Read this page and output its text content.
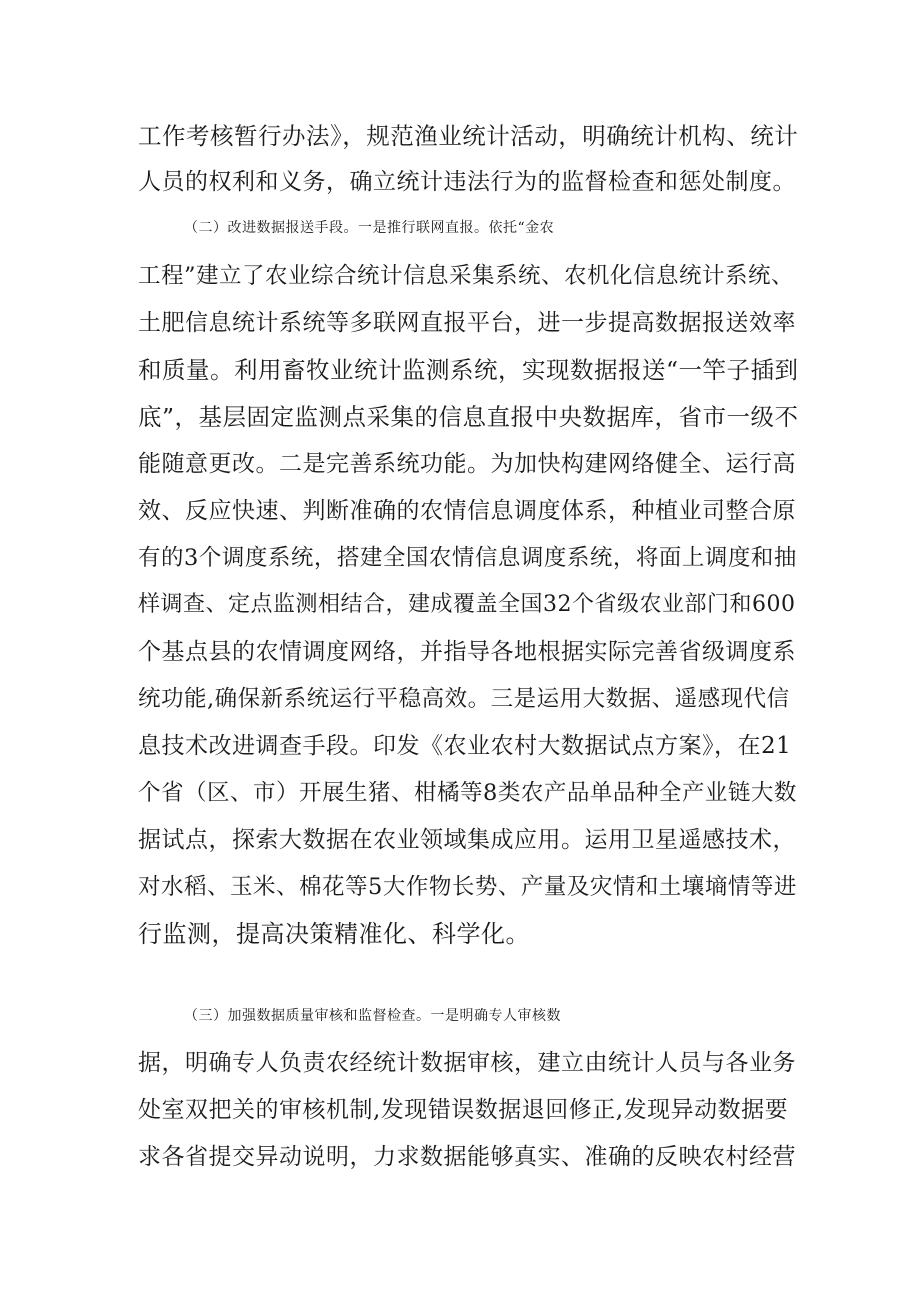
工作考核暂行办法》，规范渔业统计活动，明确统计机构、统计
人员的权利和义务，确立统计违法行为的监督检查和惩处制度。
（二）改进数据报送手段。一是推行联网直报。依托“金农
工程”建立了农业综合统计信息采集系统、农机化信息统计系统、
土肥信息统计系统等多联网直报平台，进一步提高数据报送效率
和质量。利用畜牧业统计监测系统，实现数据报送“一竿子插到
底”，基层固定监测点采集的信息直报中央数据库，省市一级不
能随意更改。二是完善系统功能。为加快构建网络健全、运行高
效、反应快速、判断准确的农情信息调度体系，种植业司整合原
有的3个调度系统，搭建全国农情信息调度系统，将面上调度和抽
样调查、定点监测相结合，建成覆盖全国32个省级农业部门和600
个基点县的农情调度网络，并指导各地根据实际完善省级调度系
统功能,确保新系统运行平稳高效。三是运用大数据、遥感现代信
息技术改进调查手段。印发《农业农村大数据试点方案》，在21
个省（区、市）开展生猪、柑橘等8类农产品单品种全产业链大数
据试点，探索大数据在农业领域集成应用。运用卫星遥感技术，
对水稻、玉米、棉花等5大作物长势、产量及灾情和土壤墒情等进
行监测，提高决策精准化、科学化。
（三）加强数据质量审核和监督检查。一是明确专人审核数
据，明确专人负责农经统计数据审核，建立由统计人员与各业务
处室双把关的审核机制,发现错误数据退回修正,发现异动数据要
求各省提交异动说明，力求数据能够真实、准确的反映农村经营
